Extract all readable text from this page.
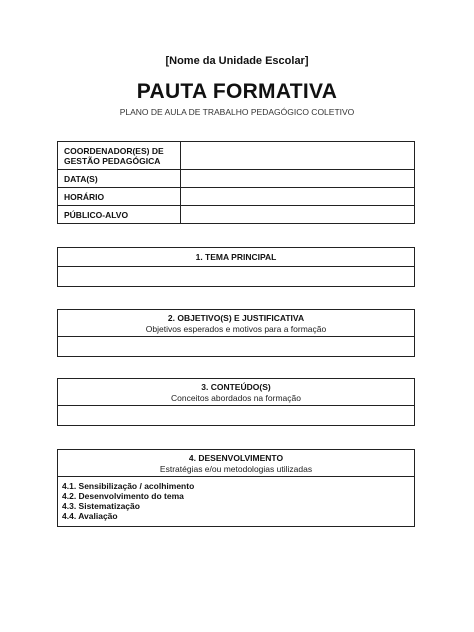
[Nome da Unidade Escolar]
PAUTA FORMATIVA
PLANO DE AULA DE TRABALHO PEDAGÓGICO COLETIVO
COORDENADOR(ES) DE
GESTÃO PEDAGÓGICA	

DATA(S)	
HORÁRIO	
PÚBLICO-ALVO	
1. TEMA PRINCIPAL
2. OBJETIVO(S) E JUSTIFICATIVA
Objetivos esperados e motivos para a formação
3. CONTEÚDO(S)
Conceitos abordados na formação
4. DESENVOLVIMENTO
Estratégias e/ou metodologias utilizadas
4.1. Sensibilização / acolhimento
4.2. Desenvolvimento do tema
4.3. Sistematização
4.4. Avaliação
